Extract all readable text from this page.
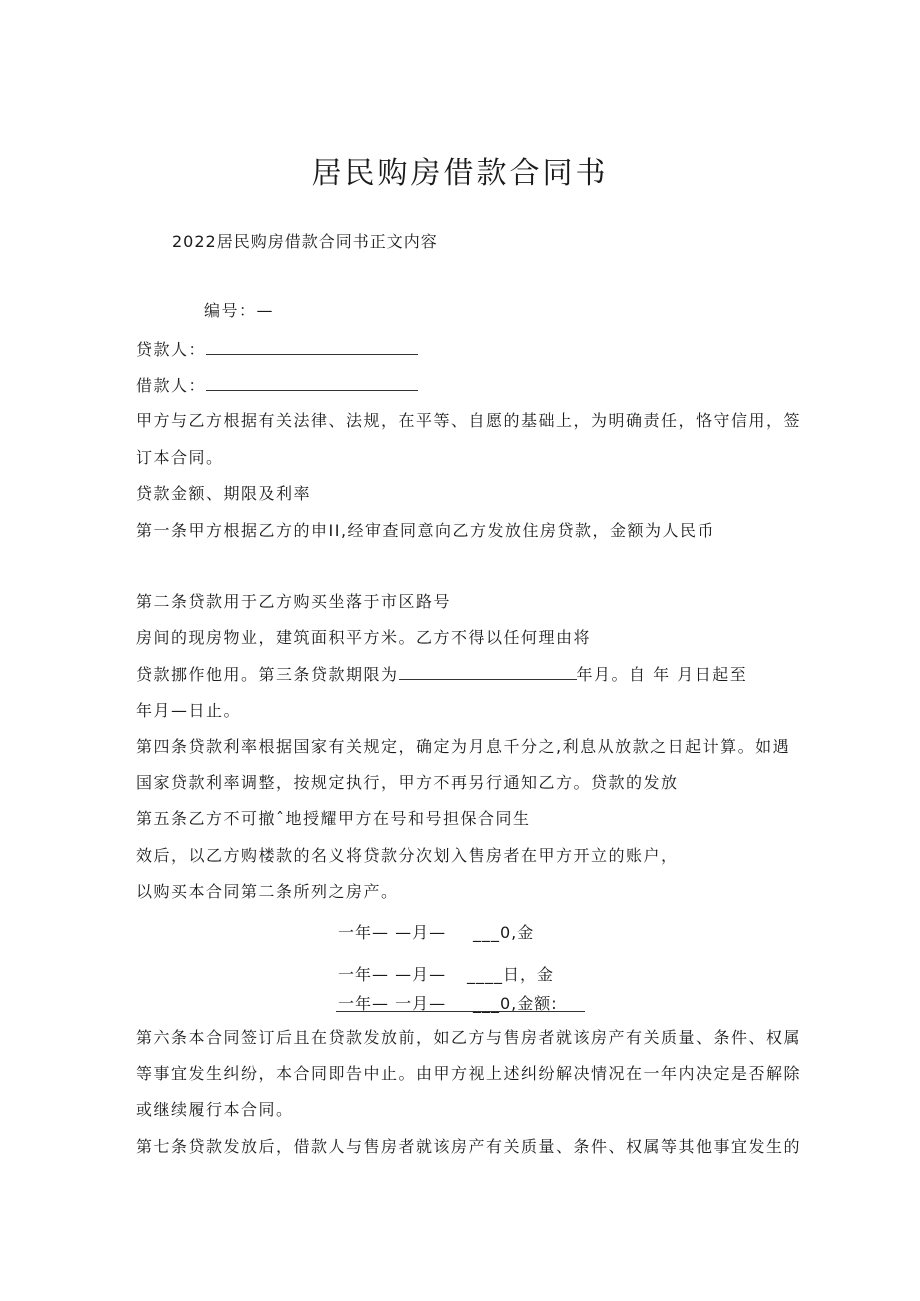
居民购房借款合同书
2022居民购房借款合同书正文内容
编号：—
贷款人：
借款人：
甲方与乙方根据有关法律、法规，在平等、自愿的基础上，为明确责任，恪守信用，签
订本合同。
贷款金额、期限及利率
第一条甲方根据乙方的申II,经审查同意向乙方发放住房贷款，金额为人民币
第二条贷款用于乙方购买坐落于市区路号
房间的现房物业，建筑面积平方米。乙方不得以任何理由将
贷款挪作他用。第三条贷款期限为	年月。自 年 月日起至
年月—日止。
第四条贷款利率根据国家有关规定，确定为月息千分之,利息从放款之日起计算。如遇
国家贷款利率调整，按规定执行，甲方不再另行通知乙方。贷款的发放
第五条乙方不可撤ˆ地授耀甲方在号和号担保合同生
效后，以乙方购楼款的名义将贷款分次划入售房者在甲方开立的账户，
以购买本合同第二条所列之房产。
一年— —月— ___0,金
一年— —月— ____日，金
一年— 一月— ___0,金额:
第六条本合同签订后且在贷款发放前，如乙方与售房者就该房产有关质量、条件、权属
等事宜发生纠纷，本合同即告中止。由甲方视上述纠纷解决情况在一年内决定是否解除
或继续履行本合同。
第七条贷款发放后，借款人与售房者就该房产有关质量、条件、权属等其他事宜发生的
